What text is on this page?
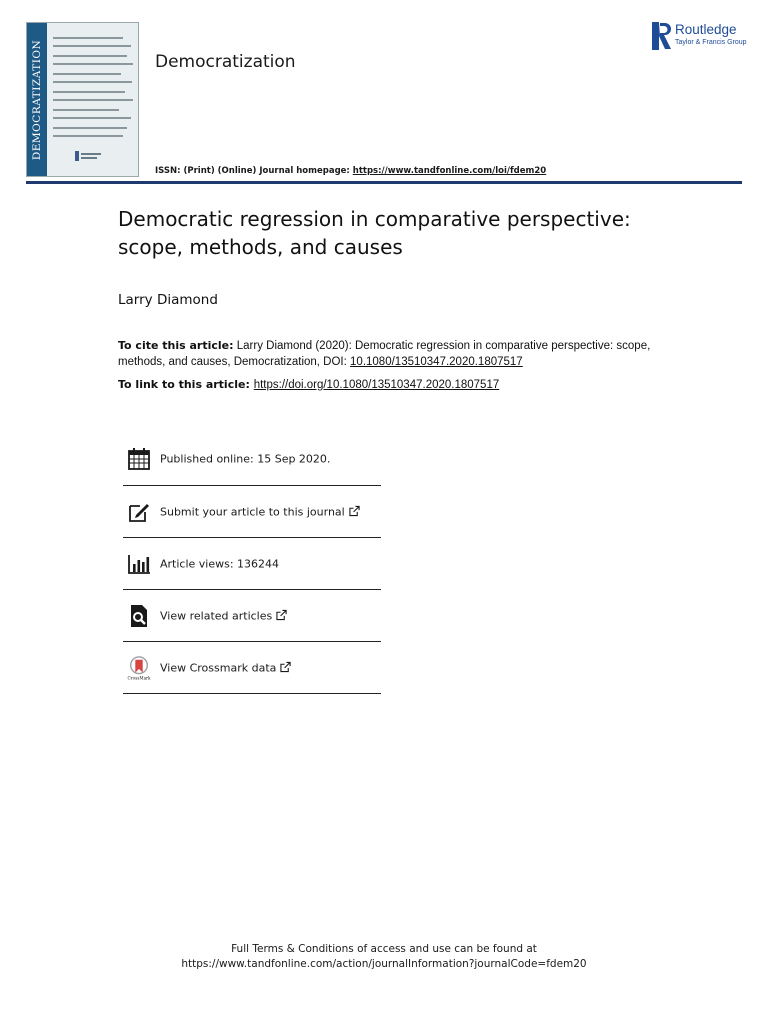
DEMOCRATIZATION	Democratization
ISSN: (Print) (Online) Journal homepage: https://www.tandfonline.com/loi/fdem20
Routledge
Taylor & Francis Group
Democratic regression in comparative perspective:
scope, methods, and causes
Larry Diamond
To cite this article: Larry Diamond (2020): Democratic regression in comparative perspective: scope, methods, and causes, Democratization, DOI: 10.1080/13510347.2020.1807517
To link to this article: https://doi.org/10.1080/13510347.2020.1807517
Published online: 15 Sep 2020.
Submit your article to this journal
Article views: 136244
View related articles
CrossMark
View Crossmark data
Full Terms & Conditions of access and use can be found at
https://www.tandfonline.com/action/journalInformation?journalCode=fdem20
